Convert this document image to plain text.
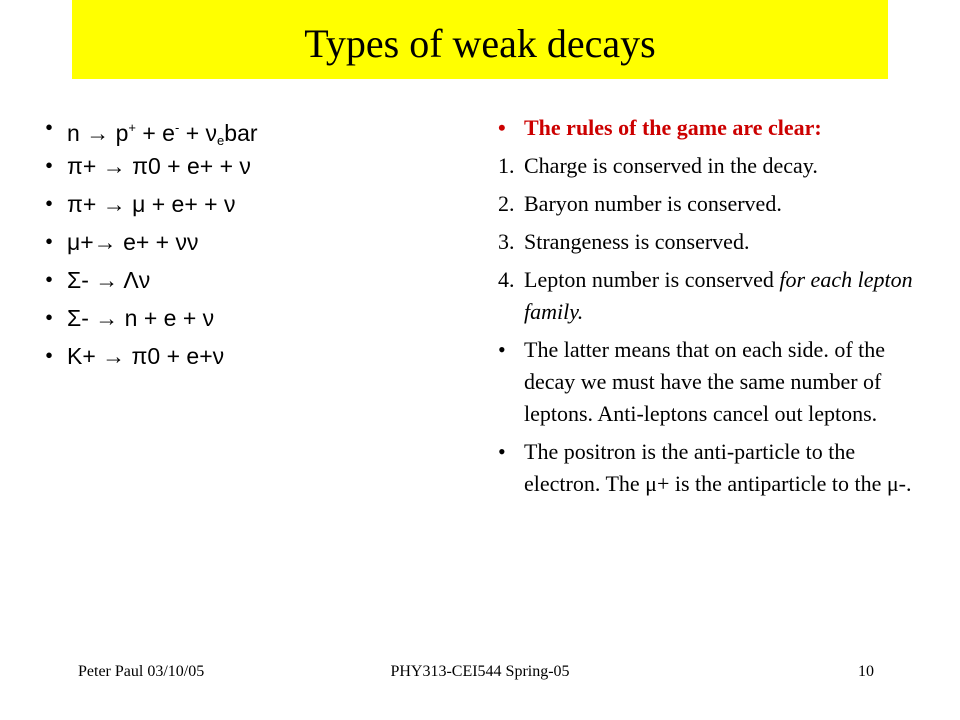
Types of weak decays
• $n \to p^+ + e^- + \nu_ebar$
• π+ → π0 + e+ + ν
• π+ → μ + e+ + ν
• μ+→ e+ + νν
• Σ- → Λν
• Σ- → n + e + ν
• K+ → π0 + e+ν
• The rules of the game are clear:
1. Charge is conserved in the decay.
2. Baryon number is conserved.
3. Strangeness is conserved.
4. Lepton number is conserved for each lepton family.
• The latter means that on each side. of the decay we must have the same number of leptons. Anti-leptons cancel out leptons.
• The positron is the anti-particle to the electron. The μ+ is the antiparticle to the μ-.
Peter Paul 03/10/05	PHY313-CEI544 Spring-05	10
